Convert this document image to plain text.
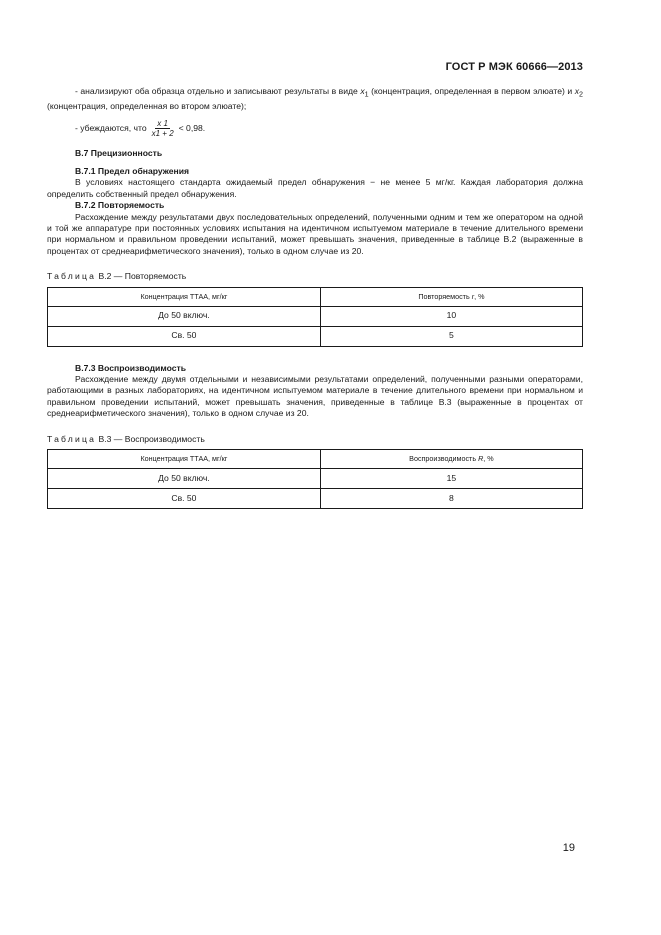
ГОСТ Р МЭК 60666—2013

- анализируют оба образца отдельно и записывают результаты в виде $x_1$ (концентрация, определенная в первом элюате) и $x_2$ (концентрация, определенная во втором элюате);

- убеждаются, что $\frac{x 1}{x1 + 2} < 0,98$.

В.7 Прецизионность

В.7.1 Предел обнаружения

В условиях настоящего стандарта ожидаемый предел обнаружения − не менее 5 мг/кг. Каждая лаборатория должна определить собственный предел обнаружения.

В.7.2 Повторяемость

Расхождение между результатами двух последовательных определений, полученными одним и тем же оператором на одной и той же аппаратуре при постоянных условиях испытания на идентичном испытуемом материале в течение длительного времени при нормальном и правильном проведении испытаний, может превышать значения, приведенные в таблице В.2 (выраженные в процентах от среднеарифметического значения), только в одном случае из 20.

Таблица В.2 — Повторяемость
Концентрация ТТАА, мг/кг	Повторяемость r, %
До 50 включ.	10
Св. 50	5

В.7.3 Воспроизводимость

Расхождение между двумя отдельными и независимыми результатами определений, полученными разными операторами, работающими в разных лабораториях, на идентичном испытуемом материале в течение длительного времени при нормальном и правильном проведении испытаний, может превышать значения, приведенные в таблице В.3 (выраженные в процентах от среднеарифметического значения), только в одном случае из 20.

Таблица В.3 — Воспроизводимость
Концентрация ТТАА, мг/кг	Воспроизводимость R, %
До 50 включ.	15
Св. 50	8
19
